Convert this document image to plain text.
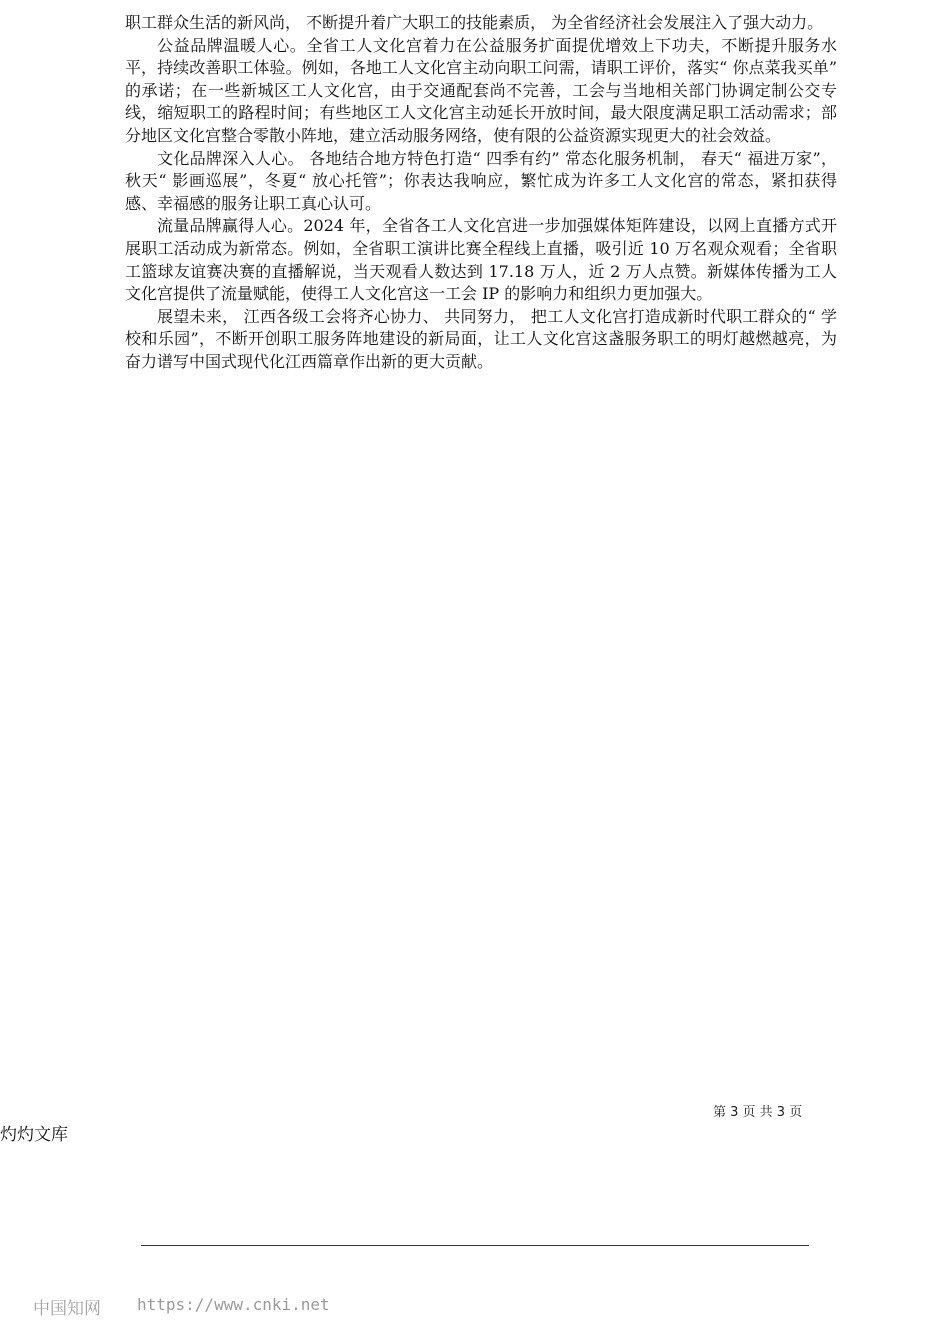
职工群众生活的新风尚， 不断提升着广大职工的技能素质， 为全省经济社会发展注入了强大动力。

公益品牌温暖人心。全省工人文化宫着力在公益服务扩面提优增效上下功夫，不断提升服务水平，持续改善职工体验。例如，各地工人文化宫主动向职工问需，请职工评价，落实“ 你点菜我买单” 的承诺；在一些新城区工人文化宫，由于交通配套尚不完善，工会与当地相关部门协调定制公交专线，缩短职工的路程时间；有些地区工人文化宫主动延长开放时间，最大限度满足职工活动需求；部分地区文化宫整合零散小阵地，建立活动服务网络，使有限的公益资源实现更大的社会效益。

文化品牌深入人心。 各地结合地方特色打造“ 四季有约” 常态化服务机制， 春天“ 福进万家”，秋天“ 影画巡展”，冬夏“ 放心托管”；你表达我响应，繁忙成为许多工人文化宫的常态，紧扣获得感、幸福感的服务让职工真心认可。

流量品牌赢得人心。2024 年，全省各工人文化宫进一步加强媒体矩阵建设，以网上直播方式开展职工活动成为新常态。例如，全省职工演讲比赛全程线上直播，吸引近 10 万名观众观看；全省职工篮球友谊赛决赛的直播解说，当天观看人数达到 17.18 万人，近 2 万人点赞。新媒体传播为工人文化宫提供了流量赋能，使得工人文化宫这一工会 IP 的影响力和组织力更加强大。

展望未来， 江西各级工会将齐心协力、 共同努力， 把工人文化宫打造成新时代职工群众的“ 学校和乐园”，不断开创职工服务阵地建设的新局面，让工人文化宫这盏服务职工的明灯越燃越亮，为奋力谱写中国式现代化江西篇章作出新的更大贡献。

第 3 页 共 3 页
灼灼文库
中国知网 https://www.cnki.net
